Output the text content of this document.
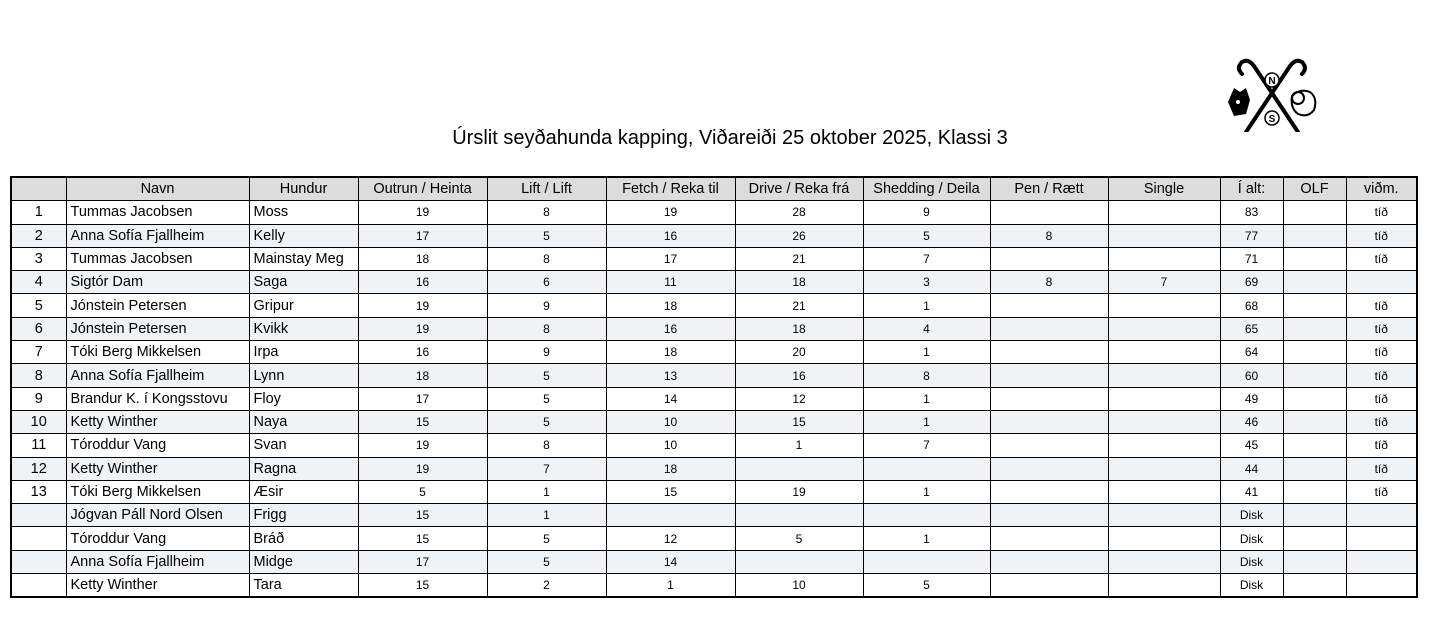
N
S
Úrslit seyðahunda kapping, Viðareiði 25 oktober 2025, Klassi 3
	Navn	Hundur	Outrun / Heinta	Lift / Lift	Fetch / Reka til	Drive / Reka frá	Shedding / Deila	Pen / Rætt	Single	Í alt:	OLF	viðm.
1	Tummas Jacobsen	Moss	19	8	19	28	9			83		tíð
2	Anna Sofía Fjallheim	Kelly	17	5	16	26	5	8		77		tíð
3	Tummas Jacobsen	Mainstay Meg	18	8	17	21	7			71		tíð
4	Sigtór Dam	Saga	16	6	11	18	3	8	7	69		
5	Jónstein Petersen	Gripur	19	9	18	21	1			68		tíð
6	Jónstein Petersen	Kvikk	19	8	16	18	4			65		tíð
7	Tóki Berg Mikkelsen	Irpa	16	9	18	20	1			64		tíð
8	Anna Sofía Fjallheim	Lynn	18	5	13	16	8			60		tíð
9	Brandur K. í Kongsstovu	Floy	17	5	14	12	1			49		tíð
10	Ketty Winther	Naya	15	5	10	15	1			46		tíð
11	Tóroddur Vang	Svan	19	8	10	1	7			45		tíð
12	Ketty Winther	Ragna	19	7	18					44		tíð
13	Tóki Berg Mikkelsen	Æsir	5	1	15	19	1			41		tíð
	Jógvan Páll Nord Olsen	Frigg	15	1						Disk		
	Tóroddur Vang	Bráð	15	5	12	5	1			Disk		
	Anna Sofía Fjallheim	Midge	17	5	14					Disk		
	Ketty Winther	Tara	15	2	1	10	5			Disk		
